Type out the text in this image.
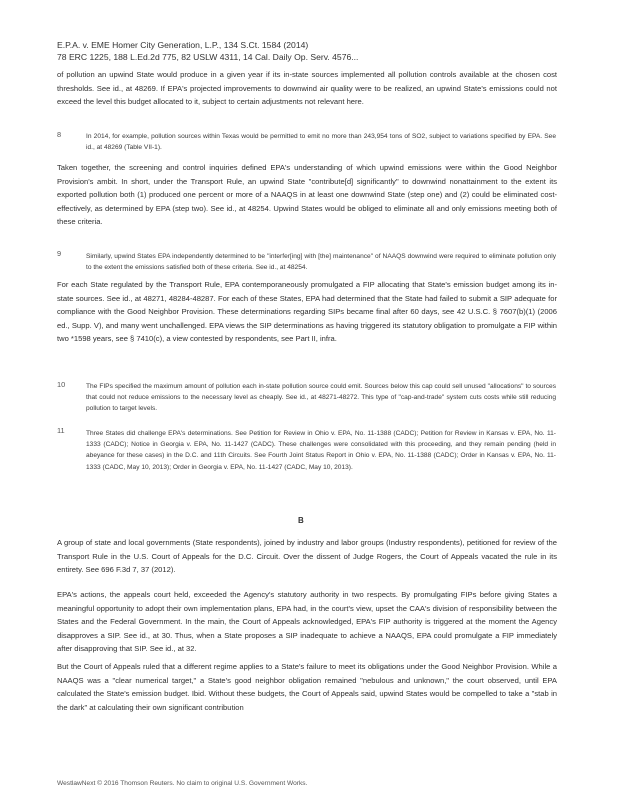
E.P.A. v. EME Homer City Generation, L.P., 134 S.Ct. 1584 (2014)
78 ERC 1225, 188 L.Ed.2d 775, 82 USLW 4311, 14 Cal. Daily Op. Serv. 4576...
of pollution an upwind State would produce in a given year if its in-state sources implemented all pollution controls available at the chosen cost thresholds. See id., at 48269. If EPA's projected improvements to downwind air quality were to be realized, an upwind State's emissions could not exceed the level this budget allocated to it, subject to certain adjustments not relevant here.
8	In 2014, for example, pollution sources within Texas would be permitted to emit no more than 243,954 tons of SO2, subject to variations specified by EPA. See id., at 48269 (Table VII-1).
Taken together, the screening and control inquiries defined EPA's understanding of which upwind emissions were within the Good Neighbor Provision's ambit. In short, under the Transport Rule, an upwind State "contribute[d] significantly" to downwind nonattainment to the extent its exported pollution both (1) produced one percent or more of a NAAQS in at least one downwind State (step one) and (2) could be eliminated cost-effectively, as determined by EPA (step two). See id., at 48254. Upwind States would be obliged to eliminate all and only emissions meeting both of these criteria.
9	Similarly, upwind States EPA independently determined to be "interfer[ing] with [the] maintenance" of NAAQS downwind were required to eliminate pollution only to the extent the emissions satisfied both of these criteria. See id., at 48254.
For each State regulated by the Transport Rule, EPA contemporaneously promulgated a FIP allocating that State's emission budget among its in-state sources. See id., at 48271, 48284-48287. For each of these States, EPA had determined that the State had failed to submit a SIP adequate for compliance with the Good Neighbor Provision. These determinations regarding SIPs became final after 60 days, see 42 U.S.C. § 7607(b)(1) (2006 ed., Supp. V), and many went unchallenged. EPA views the SIP determinations as having triggered its statutory obligation to promulgate a FIP within two *1598 years, see § 7410(c), a view contested by respondents, see Part II, infra.
10	The FIPs specified the maximum amount of pollution each in-state pollution source could emit. Sources below this cap could sell unused "allocations" to sources that could not reduce emissions to the necessary level as cheaply. See id., at 48271-48272. This type of "cap-and-trade" system cuts costs while still reducing pollution to target levels.
11	Three States did challenge EPA's determinations. See Petition for Review in Ohio v. EPA, No. 11-1388 (CADC); Petition for Review in Kansas v. EPA, No. 11-1333 (CADC); Notice in Georgia v. EPA, No. 11-1427 (CADC). These challenges were consolidated with this proceeding, and they remain pending (held in abeyance for these cases) in the D.C. and 11th Circuits. See Fourth Joint Status Report in Ohio v. EPA, No. 11-1388 (CADC); Order in Kansas v. EPA, No. 11-1333 (CADC, May 10, 2013); Order in Georgia v. EPA, No. 11-1427 (CADC, May 10, 2013).
B
A group of state and local governments (State respondents), joined by industry and labor groups (Industry respondents), petitioned for review of the Transport Rule in the U.S. Court of Appeals for the D.C. Circuit. Over the dissent of Judge Rogers, the Court of Appeals vacated the rule in its entirety. See 696 F.3d 7, 37 (2012).
EPA's actions, the appeals court held, exceeded the Agency's statutory authority in two respects. By promulgating FIPs before giving States a meaningful opportunity to adopt their own implementation plans, EPA had, in the court's view, upset the CAA's division of responsibility between the States and the Federal Government. In the main, the Court of Appeals acknowledged, EPA's FIP authority is triggered at the moment the Agency disapproves a SIP. See id., at 30. Thus, when a State proposes a SIP inadequate to achieve a NAAQS, EPA could promulgate a FIP immediately after disapproving that SIP. See id., at 32.
But the Court of Appeals ruled that a different regime applies to a State's failure to meet its obligations under the Good Neighbor Provision. While a NAAQS was a "clear numerical target," a State's good neighbor obligation remained "nebulous and unknown," the court observed, until EPA calculated the State's emission budget. Ibid. Without these budgets, the Court of Appeals said, upwind States would be compelled to take a "stab in the dark" at calculating their own significant contribution
WestlawNext © 2016 Thomson Reuters. No claim to original U.S. Government Works.
